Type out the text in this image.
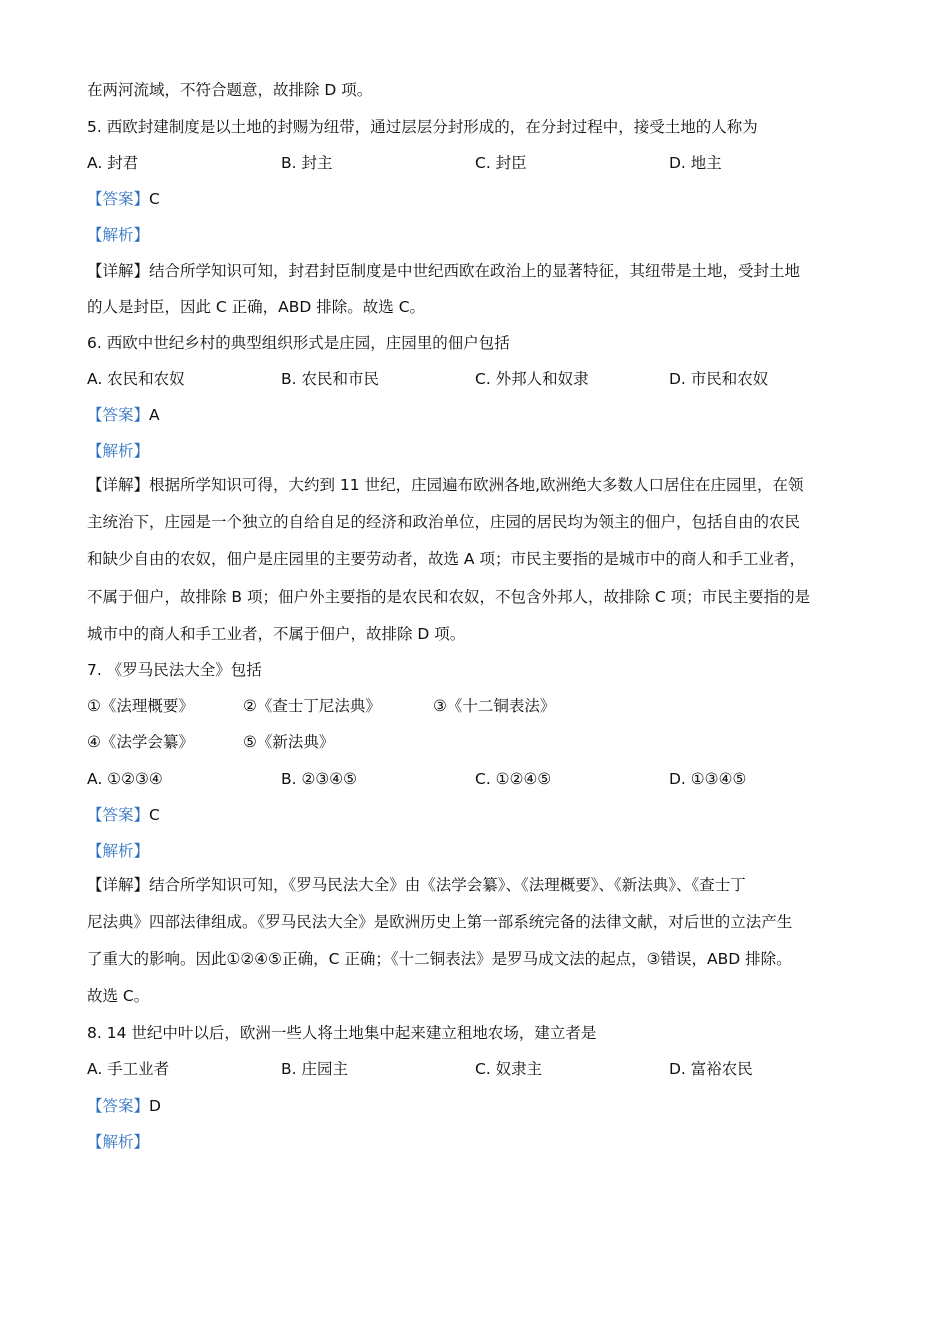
在两河流域，不符合题意，故排除 D 项。
5. 西欧封建制度是以土地的封赐为纽带，通过层层分封形成的，在分封过程中，接受土地的人称为
A. 封君	B. 封主	C. 封臣	D. 地主
【答案】C
【解析】
【详解】结合所学知识可知，封君封臣制度是中世纪西欧在政治上的显著特征，其纽带是土地，受封土地
的人是封臣，因此 C 正确，ABD 排除。故选 C。
6. 西欧中世纪乡村的典型组织形式是庄园，庄园里的佃户包括
A. 农民和农奴	B. 农民和市民	C. 外邦人和奴隶	D. 市民和农奴
【答案】A
【解析】
【详解】根据所学知识可得，大约到 11 世纪，庄园遍布欧洲各地,欧洲绝大多数人口居住在庄园里，在领
主统治下，庄园是一个独立的自给自足的经济和政治单位，庄园的居民均为领主的佃户，包括自由的农民
和缺少自由的农奴，佃户是庄园里的主要劳动者，故选 A 项；市民主要指的是城市中的商人和手工业者，
不属于佃户，故排除 B 项；佃户外主要指的是农民和农奴，不包含外邦人，故排除 C 项；市民主要指的是
城市中的商人和手工业者，不属于佃户，故排除 D 项。
7. 《罗马民法大全》包括
①《法理概要》	②《查士丁尼法典》	③《十二铜表法》
④《法学会纂》	⑤《新法典》
A. ①②③④	B. ②③④⑤	C. ①②④⑤	D. ①③④⑤
【答案】C
【解析】
【详解】结合所学知识可知，《罗马民法大全》由《法学会纂》、《法理概要》、《新法典》、《查士丁
尼法典》四部法律组成。《罗马民法大全》是欧洲历史上第一部系统完备的法律文献，对后世的立法产生
了重大的影响。因此①②④⑤正确，C 正确；《十二铜表法》是罗马成文法的起点，③错误，ABD 排除。
故选 C。
8. 14 世纪中叶以后，欧洲一些人将土地集中起来建立租地农场，建立者是
A. 手工业者	B. 庄园主	C. 奴隶主	D. 富裕农民
【答案】D
【解析】
